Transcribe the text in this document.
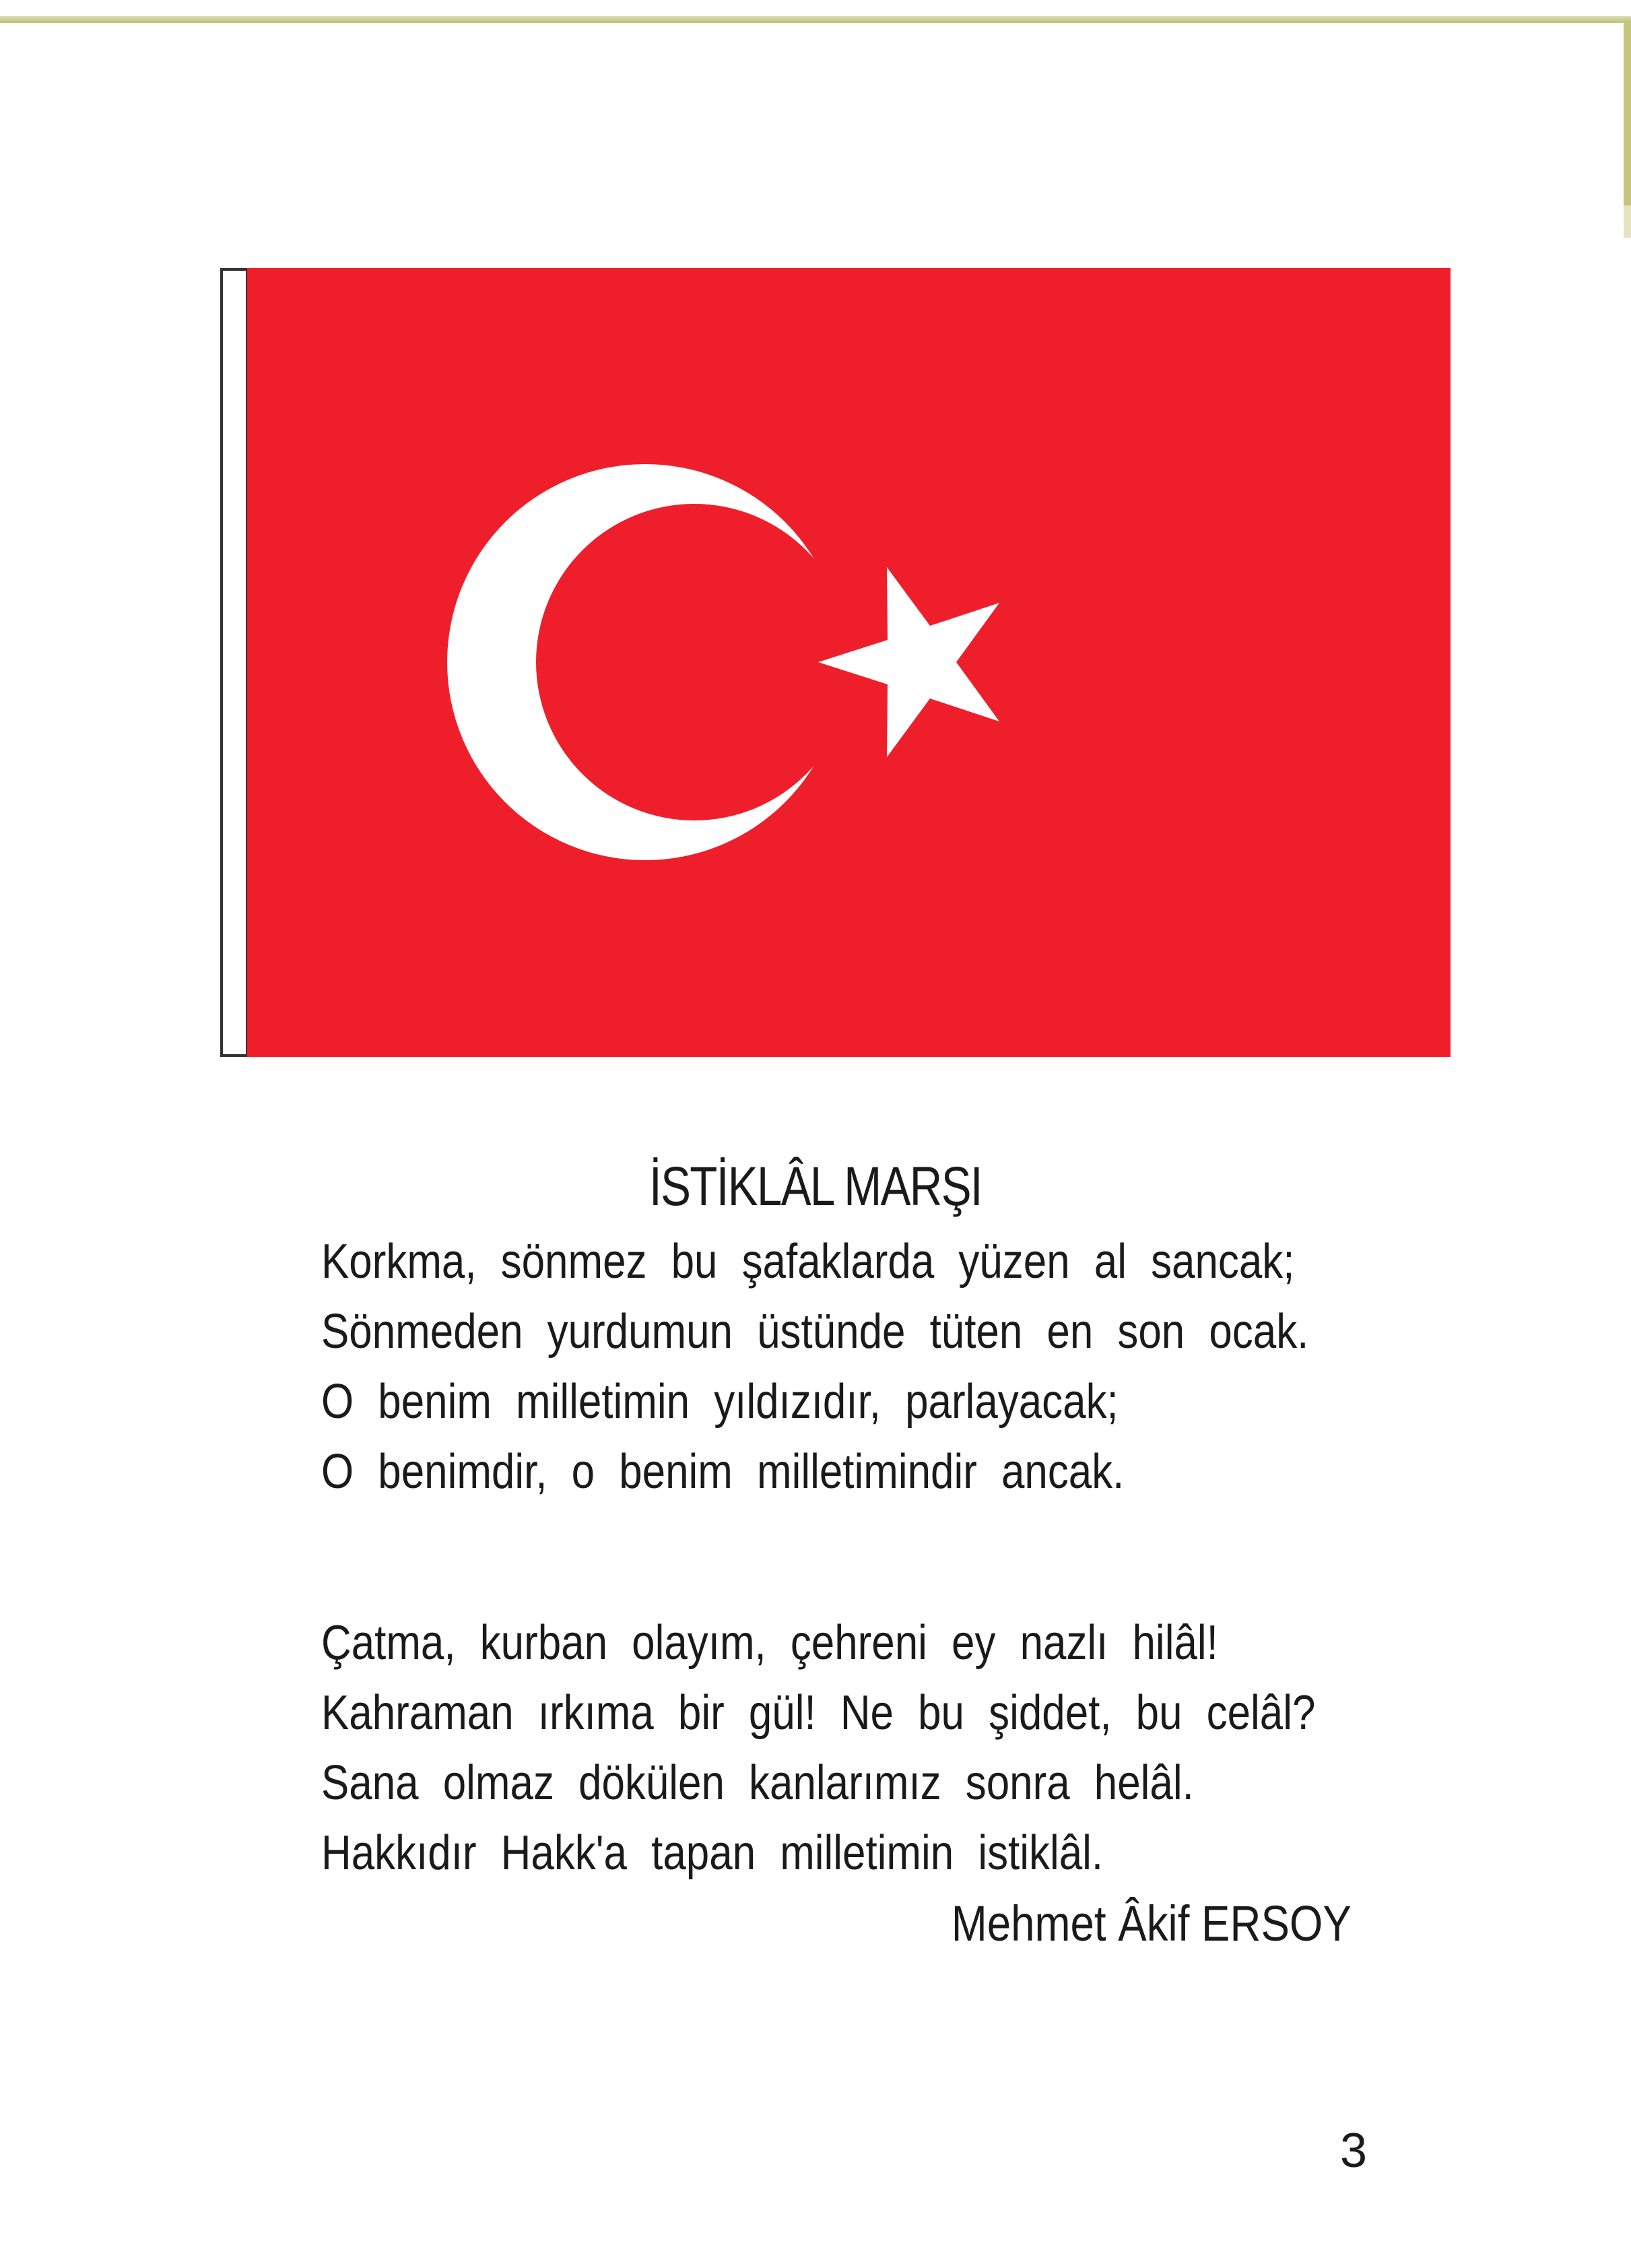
İSTİKLÂL MARŞI
Korkma, sönmez bu şafaklarda yüzen al sancak;
Sönmeden yurdumun üstünde tüten en son ocak.
O benim milletimin yıldızıdır, parlayacak;
O benimdir, o benim milletimindir ancak.
Çatma, kurban olayım, çehreni ey nazlı hilâl!
Kahraman ırkıma bir gül! Ne bu şiddet, bu celâl?
Sana olmaz dökülen kanlarımız sonra helâl.
Hakkıdır Hakk'a tapan milletimin istiklâl.
Mehmet Âkif ERSOY
3
